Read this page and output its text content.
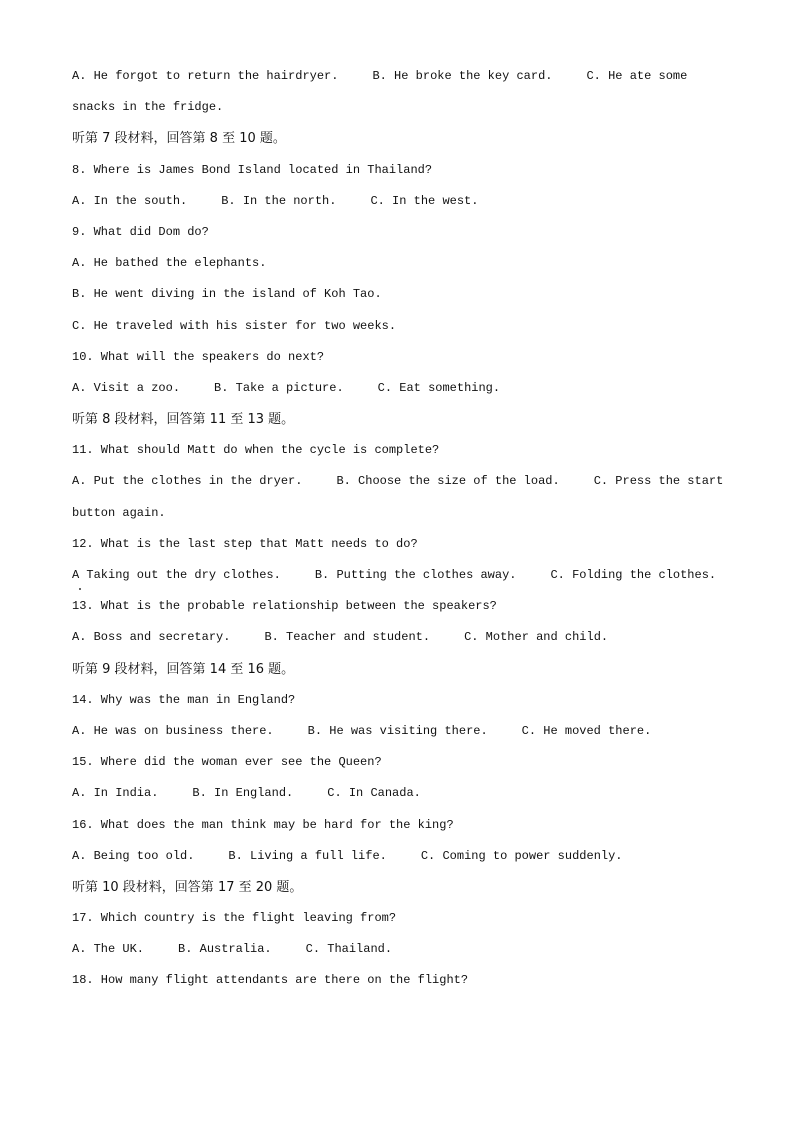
A. He forgot to return the hairdryer.	B. He broke the key card.	C. He ate some
snacks in the fridge.
听第 7 段材料，回答第 8 至 10 题。
8. Where is James Bond Island located in Thailand?
A. In the south.	B. In the north.	C. In the west.
9. What did Dom do?
A. He bathed the elephants.
B. He went diving in the island of Koh Tao.
C. He traveled with his sister for two weeks.
10. What will the speakers do next?
A. Visit a zoo.	B. Take a picture.	C. Eat something.
听第 8 段材料，回答第 11 至 13 题。
11. What should Matt do when the cycle is complete?
A. Put the clothes in the dryer.	B. Choose the size of the load.	C. Press the start
button again.
12. What is the last step that Matt needs to do?
A Taking out the dry clothes.	B. Putting the clothes away.	C. Folding the clothes.
13. What is the probable relationship between the speakers?
A. Boss and secretary.	B. Teacher and student.	C. Mother and child.
听第 9 段材料，回答第 14 至 16 题。
14. Why was the man in England?
A. He was on business there.	B. He was visiting there.	C. He moved there.
15. Where did the woman ever see the Queen?
A. In India.	B. In England.	C. In Canada.
16. What does the man think may be hard for the king?
A. Being too old.	B. Living a full life.	C. Coming to power suddenly.
听第 10 段材料，回答第 17 至 20 题。
17. Which country is the flight leaving from?
A. The UK.	B. Australia.	C. Thailand.
18. How many flight attendants are there on the flight?
